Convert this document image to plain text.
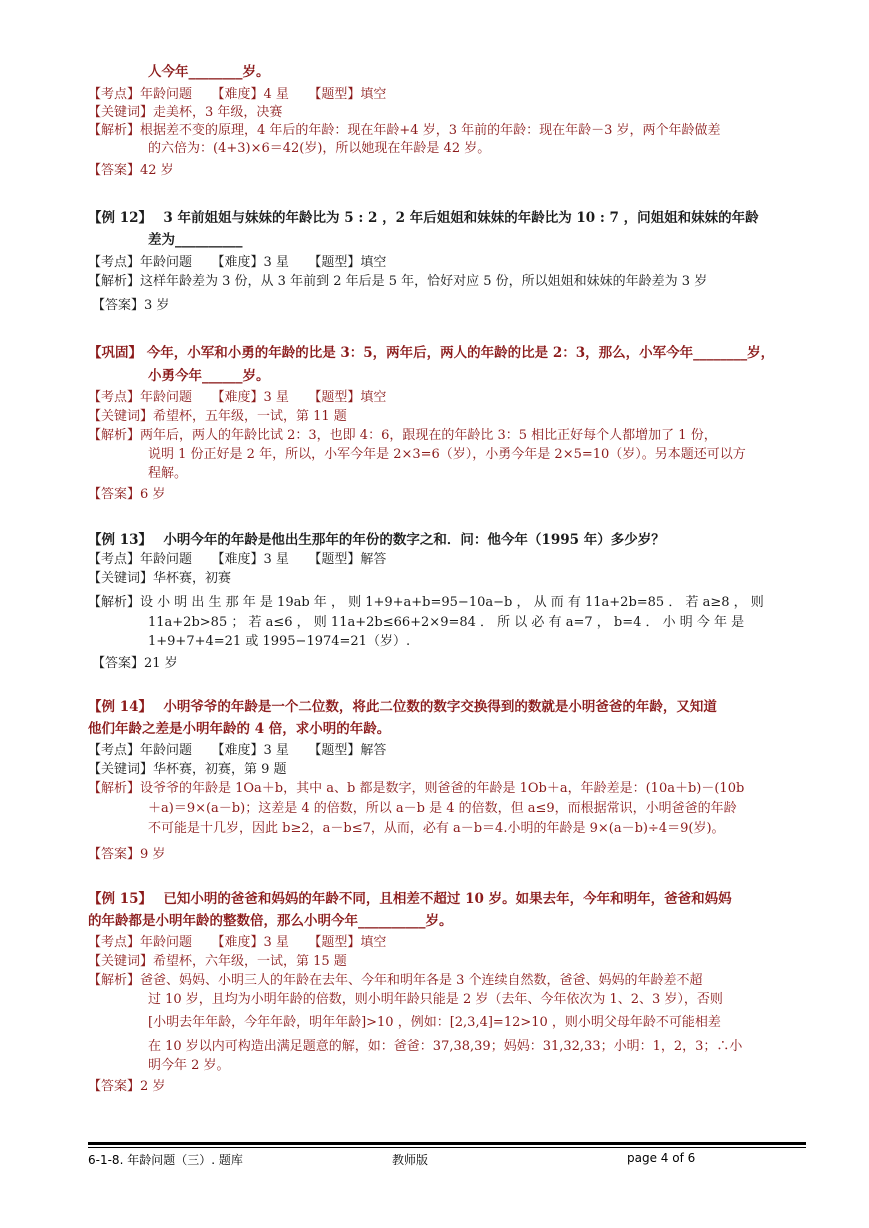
人今年________岁。
【考点】年龄问题　　【难度】4 星　　【题型】填空
【关键词】走美杯，3 年级，决赛
【解析】根据差不变的原理，4 年后的年龄：现在年龄+4 岁，3 年前的年龄：现在年龄－3 岁，两个年龄做差
的六倍为：(4+3)×6＝42(岁)，所以她现在年龄是 42 岁。
【答案】42 岁
【例 12】　 3 年前姐姐与妹妹的年龄比为 5 : 2 ，2 年后姐姐和妹妹的年龄比为 10 : 7 ，问姐姐和妹妹的年龄
差为__________
【考点】年龄问题　　【难度】3 星　　【题型】填空
【解析】这样年龄差为 3 份，从 3 年前到 2 年后是 5 年，恰好对应 5 份，所以姐姐和妹妹的年龄差为 3 岁
【答案】3 岁
【巩固】 今年，小军和小勇的年龄的比是 3：5，两年后，两人的年龄的比是 2：3，那么，小军今年________岁，
小勇今年______岁。
【考点】年龄问题　　【难度】3 星　　【题型】填空
【关键词】希望杯，五年级，一试，第 11 题
【解析】两年后，两人的年龄比试 2：3，也即 4：6，跟现在的年龄比 3：5 相比正好每个人都增加了 1 份，
说明 1 份正好是 2 年，所以，小军今年是 2×3=6（岁），小勇今年是 2×5=10（岁）。另本题还可以方
程解。
【答案】6 岁
【例 13】　 小明今年的年龄是他出生那年的年份的数字之和．问：他今年（1995 年）多少岁？
【考点】年龄问题　　【难度】3 星　　【题型】解答
【关键词】华杯赛，初赛
【解析】设 小 明 出 生 那 年 是 19ab 年 ， 则 1+9+a+b=95−10a−b ， 从 而 有 11a+2b=85 ． 若 a≥8 ， 则
11a+2b>85 ； 若 a≤6 ， 则 11a+2b≤66+2×9=84 ． 所 以 必 有 a=7 ， b=4 ． 小 明 今 年 是
1+9+7+4=21 或 1995−1974=21（岁）.
【答案】21 岁
【例 14】　 小明爷爷的年龄是一个二位数，将此二位数的数字交换得到的数就是小明爸爸的年龄，又知道
他们年龄之差是小明年龄的 4 倍，求小明的年龄。
【考点】年龄问题　　【难度】3 星　　【题型】解答
【关键词】华杯赛，初赛，第 9 题
【解析】设爷爷的年龄是 1Oa＋b，其中 a、b 都是数字，则爸爸的年龄是 1Ob＋a，年龄差是：(10a＋b)－(10b
＋a)＝9×(a－b)；这差是 4 的倍数，所以 a－b 是 4 的倍数，但 a≤9，而根据常识，小明爸爸的年龄
不可能是十几岁，因此 b≥2，a－b≤7，从而，必有 a－b＝4.小明的年龄是 9×(a－b)÷4＝9(岁)。
【答案】9 岁
【例 15】　 已知小明的爸爸和妈妈的年龄不同，且相差不超过 10 岁。如果去年，今年和明年，爸爸和妈妈
的年龄都是小明年龄的整数倍，那么小明今年__________岁。
【考点】年龄问题　　【难度】3 星　　【题型】填空
【关键词】希望杯，六年级，一试，第 15 题
【解析】爸爸、妈妈、小明三人的年龄在去年、今年和明年各是 3 个连续自然数，爸爸、妈妈的年龄差不超
过 10 岁，且均为小明年龄的倍数，则小明年龄只能是 2 岁（去年、今年依次为 1、2、3 岁），否则
[小明去年年龄，今年年龄，明年年龄]>10 ，例如：[2,3,4]=12>10 ，则小明父母年龄不可能相差
在 10 岁以内可构造出满足题意的解，如：爸爸：37,38,39；妈妈：31,32,33；小明：1，2，3；∴小
明今年 2 岁。
【答案】2 岁
6-1-8. 年龄问题（三）. 题库	教师版	page 4 of 6
